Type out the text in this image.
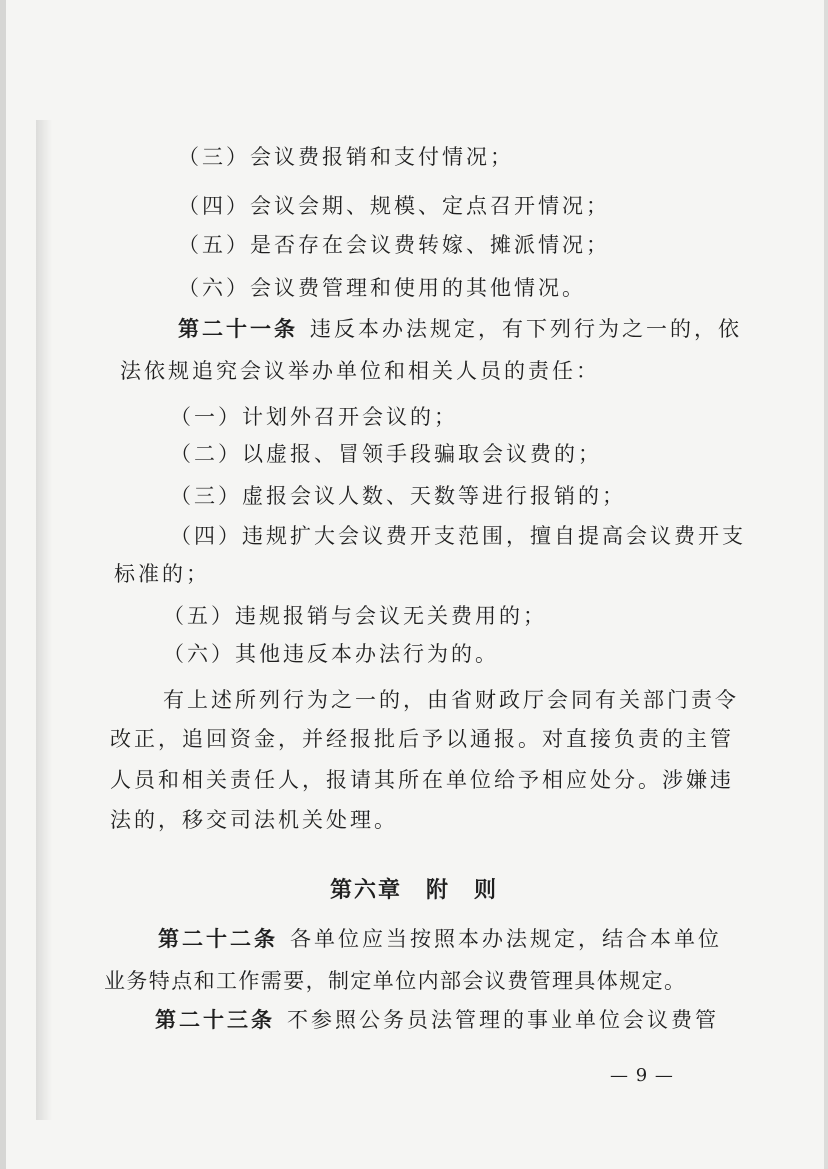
（三）会议费报销和支付情况；
（四）会议会期、规模、定点召开情况；
（五）是否存在会议费转嫁、摊派情况；
（六）会议费管理和使用的其他情况。
第二十一条 违反本办法规定，有下列行为之一的，依
法依规追究会议举办单位和相关人员的责任：
（一）计划外召开会议的；
（二）以虚报、冒领手段骗取会议费的；
（三）虚报会议人数、天数等进行报销的；
（四）违规扩大会议费开支范围，擅自提高会议费开支
标准的；
（五）违规报销与会议无关费用的；
（六）其他违反本办法行为的。
有上述所列行为之一的，由省财政厅会同有关部门责令
改正，追回资金，并经报批后予以通报。对直接负责的主管
人员和相关责任人，报请其所在单位给予相应处分。涉嫌违
法的，移交司法机关处理。
第六章　附　则
第二十二条 各单位应当按照本办法规定，结合本单位
业务特点和工作需要，制定单位内部会议费管理具体规定。
第二十三条 不参照公务员法管理的事业单位会议费管
— 9 —
